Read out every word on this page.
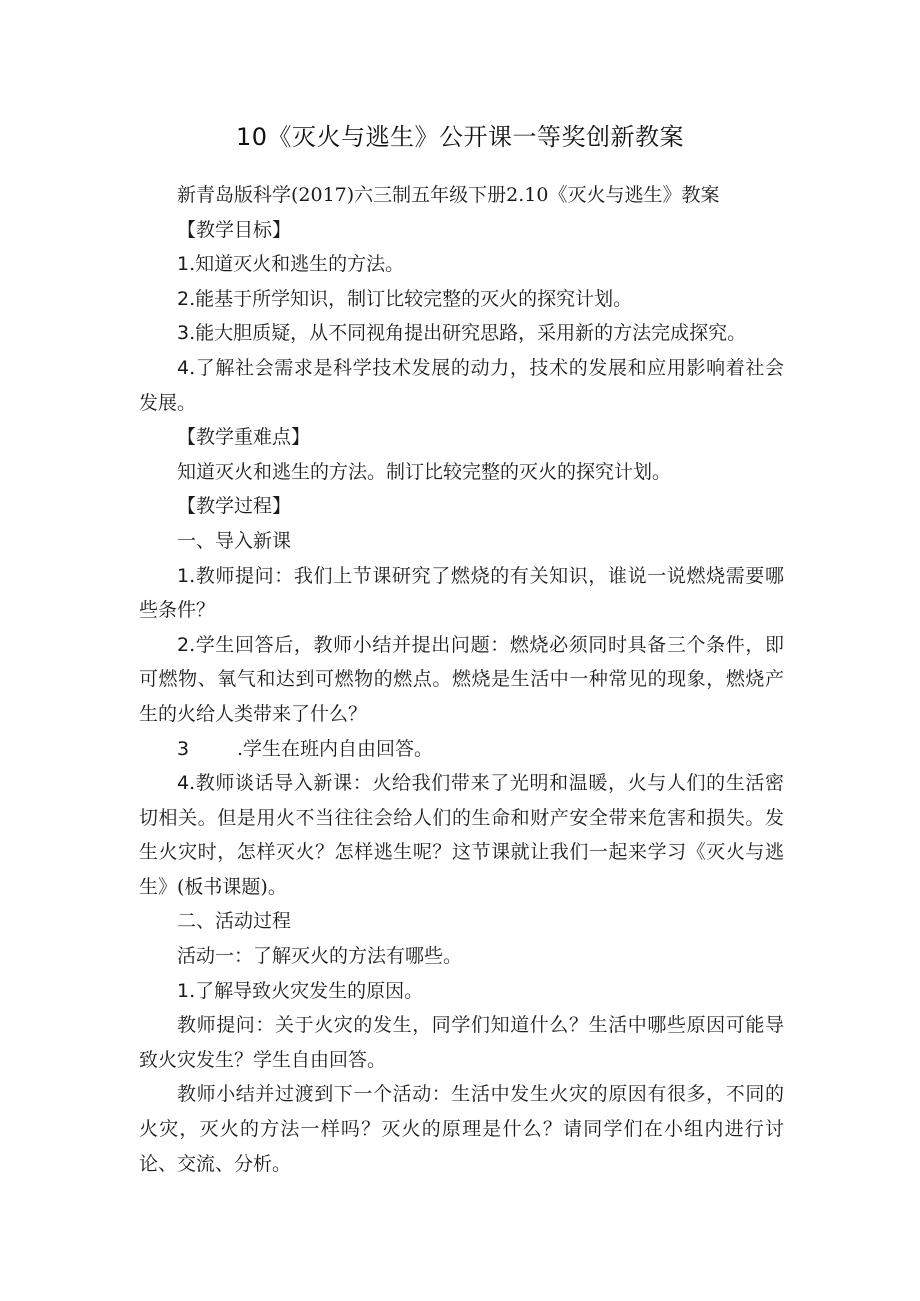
10《灭火与逃生》公开课一等奖创新教案

新青岛版科学(2017)六三制五年级下册2.10《灭火与逃生》教案

【教学目标】

1.知道灭火和逃生的方法。

2.能基于所学知识，制订比较完整的灭火的探究计划。

3.能大胆质疑，从不同视角提出研究思路，采用新的方法完成探究。

4.了解社会需求是科学技术发展的动力，技术的发展和应用影响着社会发展。

【教学重难点】

知道灭火和逃生的方法。制订比较完整的灭火的探究计划。

【教学过程】

一、导入新课

1.教师提问：我们上节课研究了燃烧的有关知识，谁说一说燃烧需要哪些条件？

2.学生回答后，教师小结并提出问题：燃烧必须同时具备三个条件，即可燃物、氧气和达到可燃物的燃点。燃烧是生活中一种常见的现象，燃烧产生的火给人类带来了什么？

3	.学生在班内自由回答。

4.教师谈话导入新课：火给我们带来了光明和温暖，火与人们的生活密切相关。但是用火不当往往会给人们的生命和财产安全带来危害和损失。发生火灾时，怎样灭火？怎样逃生呢？这节课就让我们一起来学习《灭火与逃生》(板书课题)。

二、活动过程

活动一：了解灭火的方法有哪些。

1.了解导致火灾发生的原因。

教师提问：关于火灾的发生，同学们知道什么？生活中哪些原因可能导致火灾发生？学生自由回答。

教师小结并过渡到下一个活动：生活中发生火灾的原因有很多，不同的火灾，灭火的方法一样吗？灭火的原理是什么？请同学们在小组内进行讨论、交流、分析。
